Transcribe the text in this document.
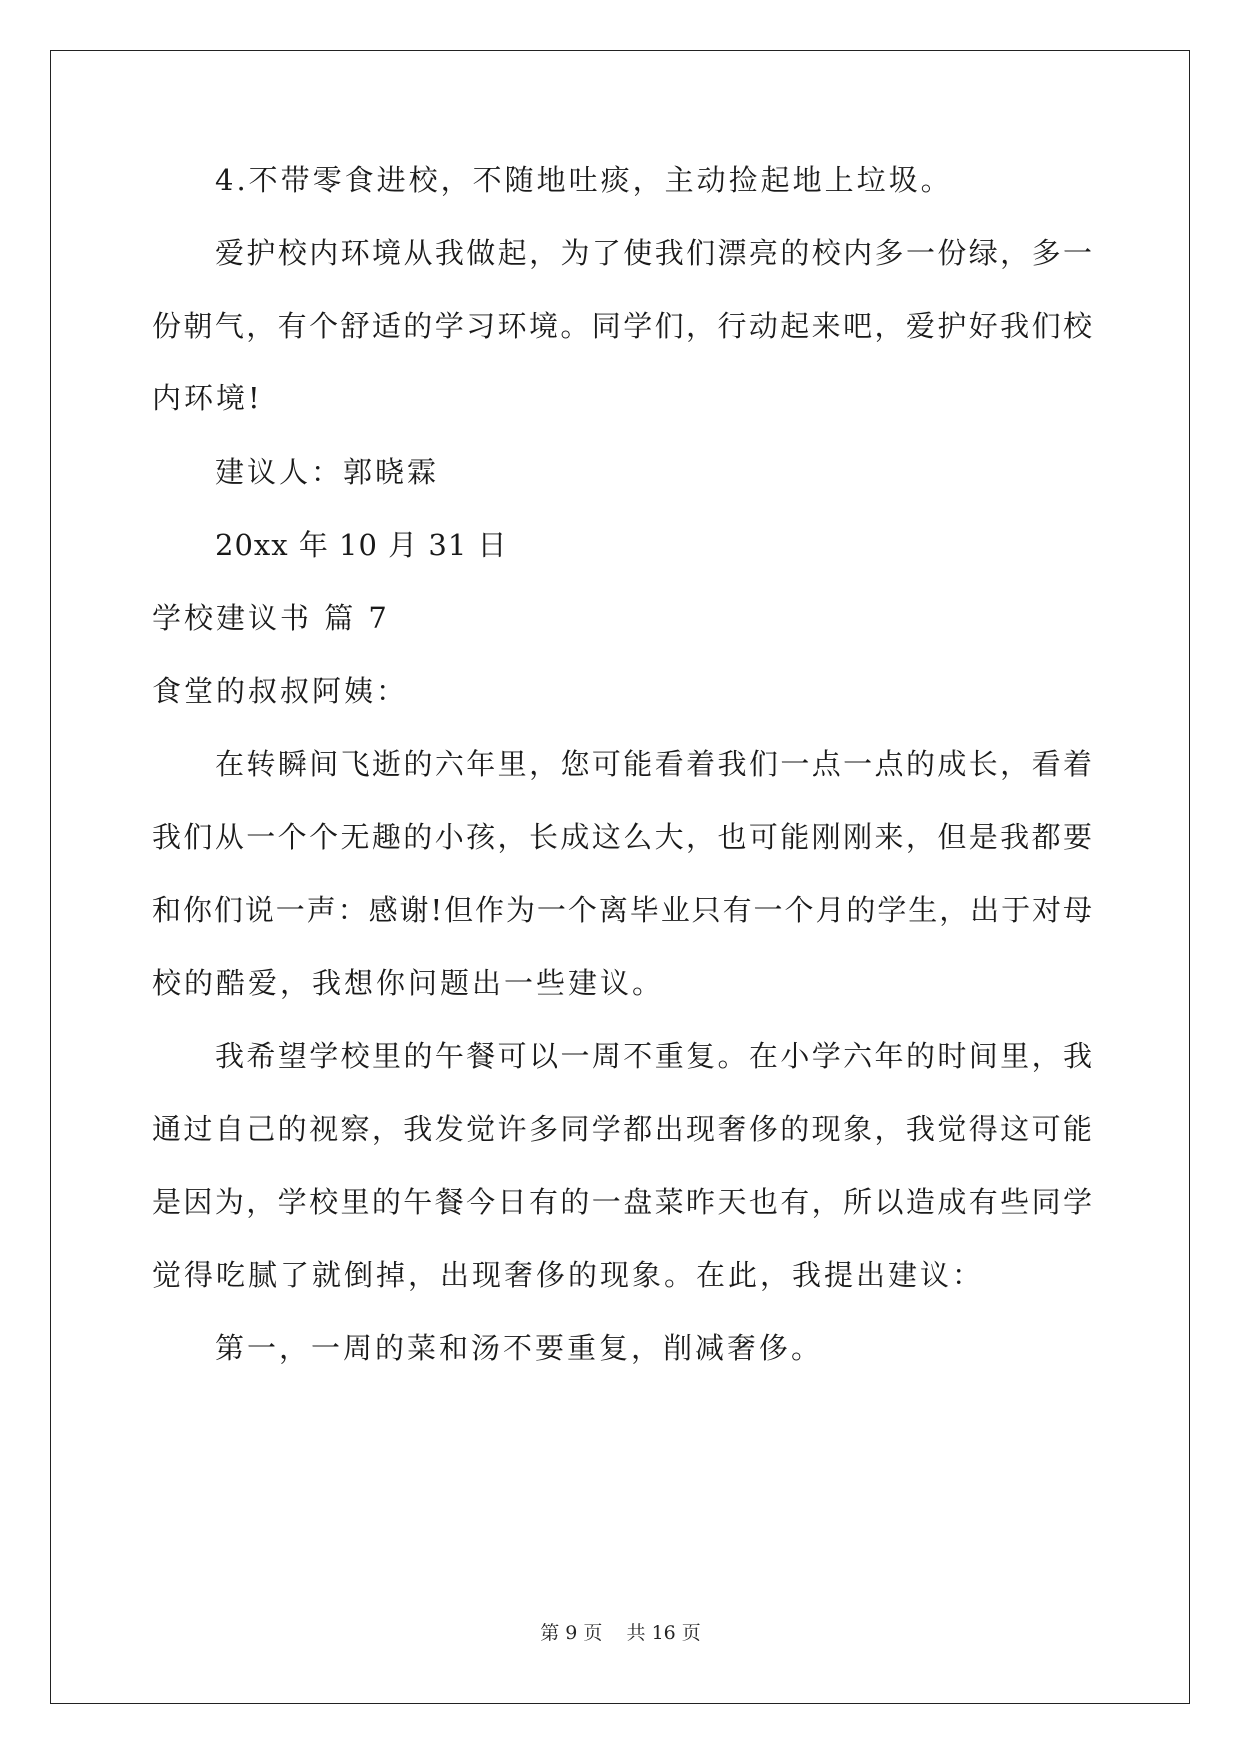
4.不带零食进校，不随地吐痰，主动捡起地上垃圾。
爱护校内环境从我做起，为了使我们漂亮的校内多一份绿，多一
份朝气，有个舒适的学习环境。同学们，行动起来吧，爱护好我们校
内环境!
建议人：郭晓霖
20xx 年 10 月 31 日
学校建议书 篇 7
食堂的叔叔阿姨：
在转瞬间飞逝的六年里，您可能看着我们一点一点的成长，看着
我们从一个个无趣的小孩，长成这么大，也可能刚刚来，但是我都要
和你们说一声：感谢!但作为一个离毕业只有一个月的学生，出于对母
校的酷爱，我想你问题出一些建议。
我希望学校里的午餐可以一周不重复。在小学六年的时间里，我
通过自己的视察，我发觉许多同学都出现奢侈的现象，我觉得这可能
是因为，学校里的午餐今日有的一盘菜昨天也有，所以造成有些同学
觉得吃腻了就倒掉，出现奢侈的现象。在此，我提出建议：
第一，一周的菜和汤不要重复，削减奢侈。
第 9 页    共 16 页
